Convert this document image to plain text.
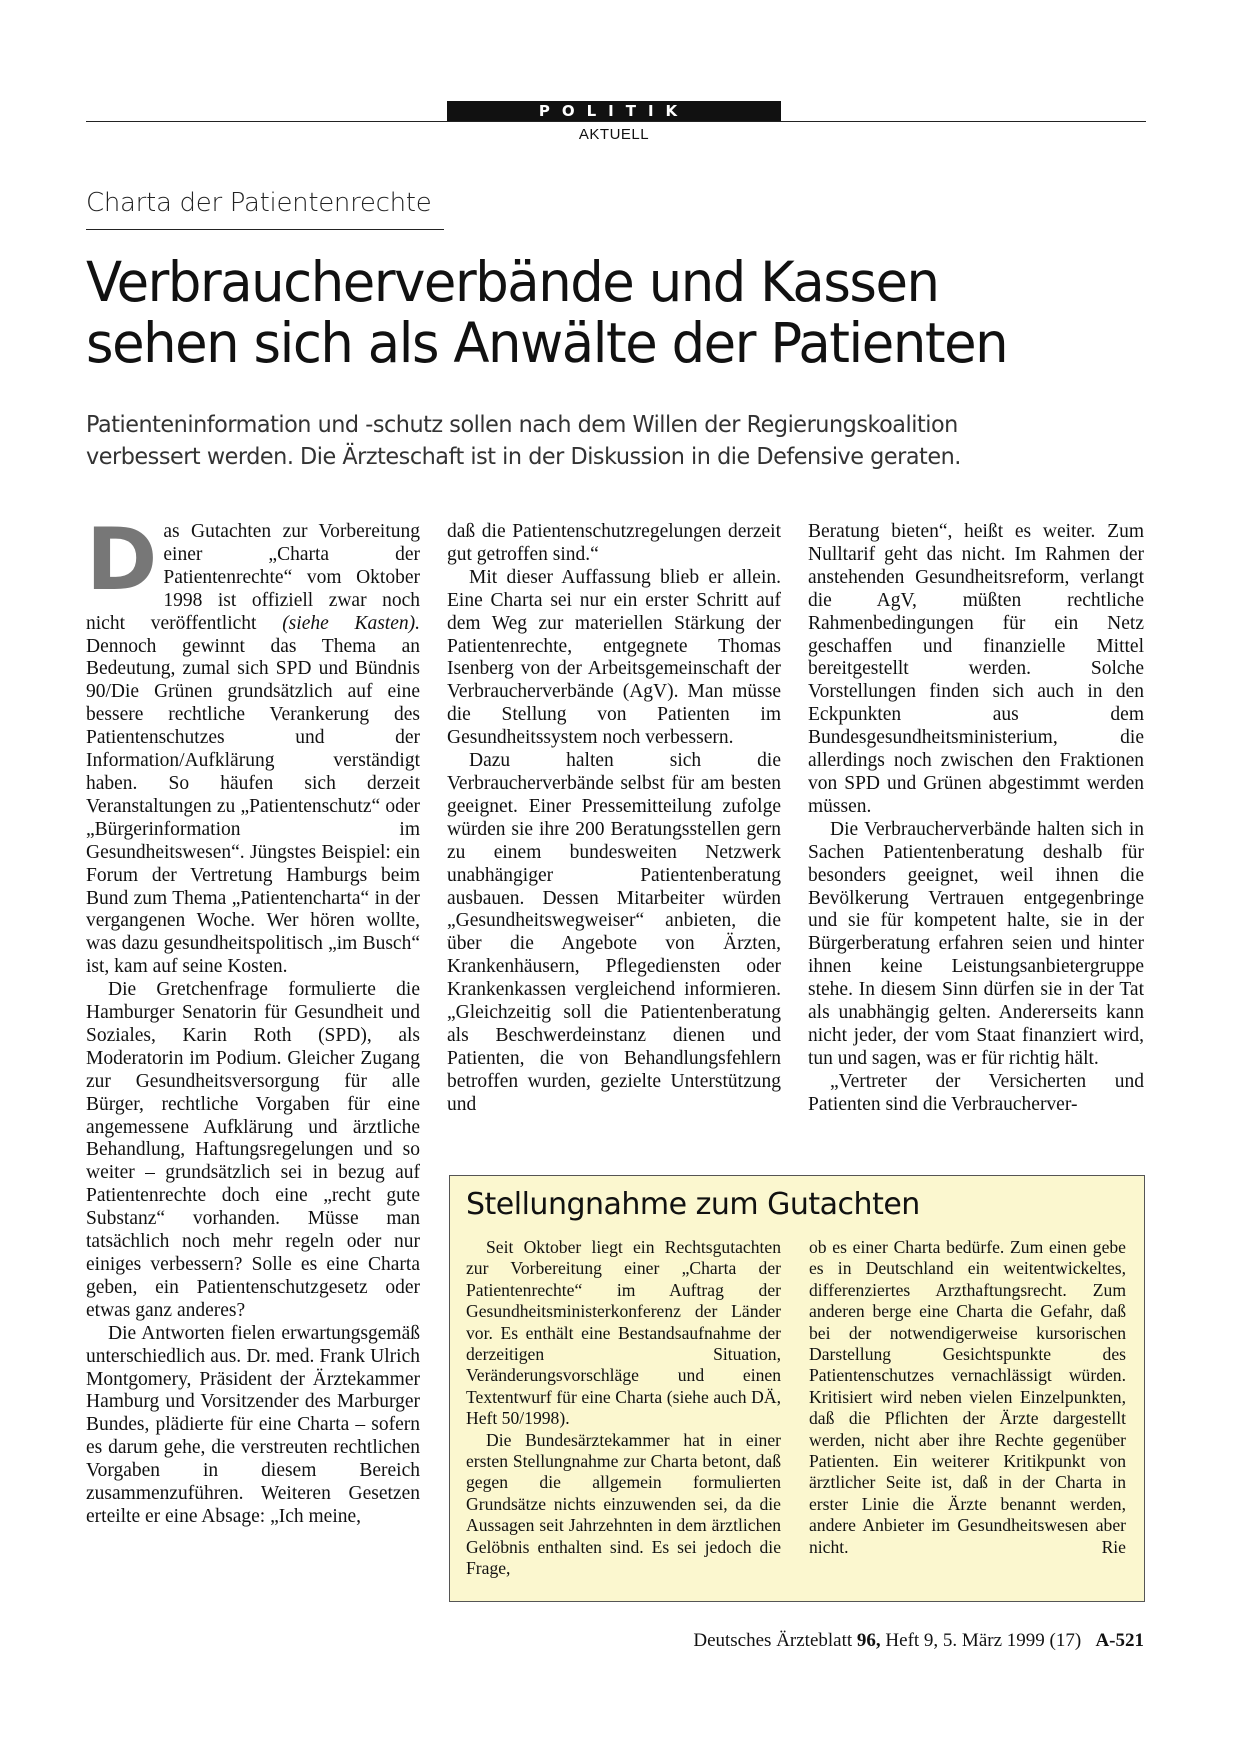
POLITIK
AKTUELL
Charta der Patientenrechte
Verbraucherverbände und Kassen
sehen sich als Anwälte der Patienten

Patienteninformation und -schutz sollen nach dem Willen der Regierungskoalition
verbessert werden. Die Ärzteschaft ist in der Diskussion in die Defensive geraten.

Das Gutachten zur Vorbereitung einer „Charta der Patientenrechte“ vom Oktober 1998 ist offiziell zwar noch nicht veröffentlicht (siehe Kasten). Dennoch gewinnt das Thema an Bedeutung, zumal sich SPD und Bündnis 90/Die Grünen grundsätzlich auf eine bessere rechtliche Verankerung des Patientenschutzes und der Information/Aufklärung verständigt haben. So häufen sich derzeit Veranstaltungen zu „Patientenschutz“ oder „Bürgerinformation im Gesundheitswesen“. Jüngstes Beispiel: ein Forum der Vertretung Hamburgs beim Bund zum Thema „Patientencharta“ in der vergangenen Woche. Wer hören wollte, was dazu gesundheitspolitisch „im Busch“ ist, kam auf seine Kosten.

Die Gretchenfrage formulierte die Hamburger Senatorin für Gesundheit und Soziales, Karin Roth (SPD), als Moderatorin im Podium. Gleicher Zugang zur Gesundheitsversorgung für alle Bürger, rechtliche Vorgaben für eine angemessene Aufklärung und ärztliche Behandlung, Haftungsregelungen und so weiter – grundsätzlich sei in bezug auf Patientenrechte doch eine „recht gute Substanz“ vorhanden. Müsse man tatsächlich noch mehr regeln oder nur einiges verbessern? Solle es eine Charta geben, ein Patientenschutzgesetz oder etwas ganz anderes?

Die Antworten fielen erwartungsgemäß unterschiedlich aus. Dr. med. Frank Ulrich Montgomery, Präsident der Ärztekammer Hamburg und Vorsitzender des Marburger Bundes, plädierte für eine Charta – sofern es darum gehe, die verstreuten rechtlichen Vorgaben in diesem Bereich zusammenzuführen. Weiteren Gesetzen erteilte er eine Absage: „Ich meine,

daß die Patientenschutzregelungen derzeit gut getroffen sind.“

Mit dieser Auffassung blieb er allein. Eine Charta sei nur ein erster Schritt auf dem Weg zur materiellen Stärkung der Patientenrechte, entgegnete Thomas Isenberg von der Arbeitsgemeinschaft der Verbraucherverbände (AgV). Man müsse die Stellung von Patienten im Gesundheitssystem noch verbessern.

Dazu halten sich die Verbraucherverbände selbst für am besten geeignet. Einer Pressemitteilung zufolge würden sie ihre 200 Beratungsstellen gern zu einem bundesweiten Netzwerk unabhängiger Patientenberatung ausbauen. Dessen Mitarbeiter würden „Gesundheitswegweiser“ anbieten, die über die Angebote von Ärzten, Krankenhäusern, Pflegediensten oder Krankenkassen vergleichend informieren. „Gleichzeitig soll die Patientenberatung als Beschwerdeinstanz dienen und Patienten, die von Behandlungsfehlern betroffen wurden, gezielte Unterstützung und

Beratung bieten“, heißt es weiter. Zum Nulltarif geht das nicht. Im Rahmen der anstehenden Gesundheitsreform, verlangt die AgV, müßten rechtliche Rahmenbedingungen für ein Netz geschaffen und finanzielle Mittel bereitgestellt werden. Solche Vorstellungen finden sich auch in den Eckpunkten aus dem Bundesgesundheitsministerium, die allerdings noch zwischen den Fraktionen von SPD und Grünen abgestimmt werden müssen.

Die Verbraucherverbände halten sich in Sachen Patientenberatung deshalb für besonders geeignet, weil ihnen die Bevölkerung Vertrauen entgegenbringe und sie für kompetent halte, sie in der Bürgerberatung erfahren seien und hinter ihnen keine Leistungsanbietergruppe stehe. In diesem Sinn dürfen sie in der Tat als unabhängig gelten. Andererseits kann nicht jeder, der vom Staat finanziert wird, tun und sagen, was er für richtig hält.

„Vertreter der Versicherten und Patienten sind die Verbraucherver-

Stellungnahme zum Gutachten

Seit Oktober liegt ein Rechtsgutachten zur Vorbereitung einer „Charta der Patientenrechte“ im Auftrag der Gesundheitsministerkonferenz der Länder vor. Es enthält eine Bestandsaufnahme der derzeitigen Situation, Veränderungsvorschläge und einen Textentwurf für eine Charta (siehe auch DÄ, Heft 50/1998).

Die Bundesärztekammer hat in einer ersten Stellungnahme zur Charta betont, daß gegen die allgemein formulierten Grundsätze nichts einzuwenden sei, da die Aussagen seit Jahrzehnten in dem ärztlichen Gelöbnis enthalten sind. Es sei jedoch die Frage,

ob es einer Charta bedürfe. Zum einen gebe es in Deutschland ein weitentwickeltes, differenziertes Arzthaftungsrecht. Zum anderen berge eine Charta die Gefahr, daß bei der notwendigerweise kursorischen Darstellung Gesichtspunkte des Patientenschutzes vernachlässigt würden. Kritisiert wird neben vielen Einzelpunkten, daß die Pflichten der Ärzte dargestellt werden, nicht aber ihre Rechte gegenüber Patienten. Ein weiterer Kritikpunkt von ärztlicher Seite ist, daß in der Charta in erster Linie die Ärzte benannt werden, andere Anbieter im Gesundheitswesen aber nicht.	Rie

Deutsches Ärzteblatt 96, Heft 9, 5. März 1999 (17) A-521
